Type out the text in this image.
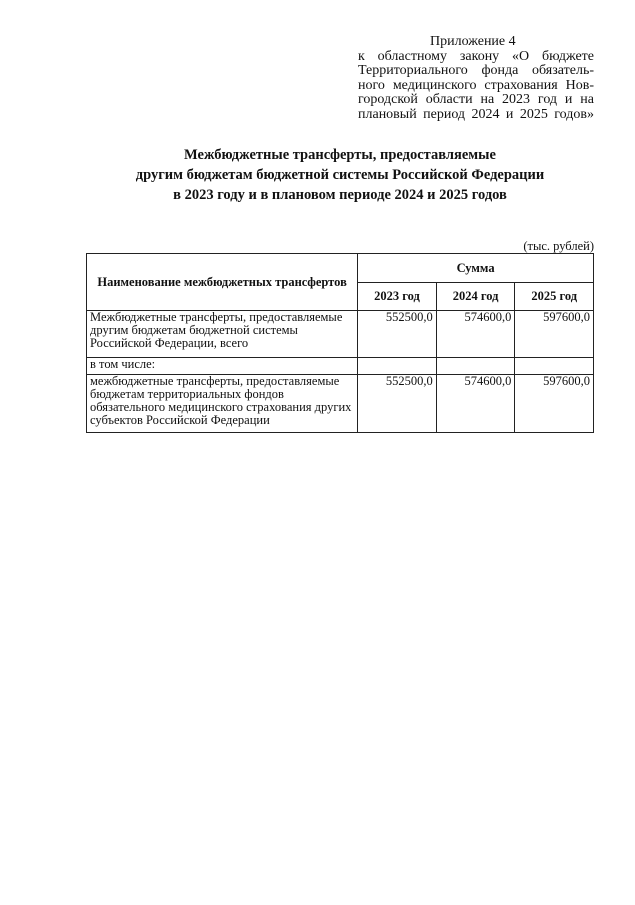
Приложение 4
к областному закону «О бюджете
Территориального фонда обязатель-
ного медицинского страхования Нов-
городской области на 2023 год и на
плановый период 2024 и 2025 годов»
Межбюджетные трансферты, предоставляемые
другим бюджетам бюджетной системы Российской Федерации
в 2023 году и в плановом периоде 2024 и 2025 годов
(тыс. рублей)
Наименование межбюджетных трансфертов	Сумма		
	2023 год	2024 год	2025 год
Межбюджетные трансферты, предоставляемые другим бюджетам бюджетной системы Российской Федерации, всего	552500,0	574600,0	597600,0
в том числе:			
межбюджетные трансферты, предоставляемые бюджетам территориальных фондов обязательного медицинского страхования других субъектов Российской Федерации	552500,0	574600,0	597600,0
